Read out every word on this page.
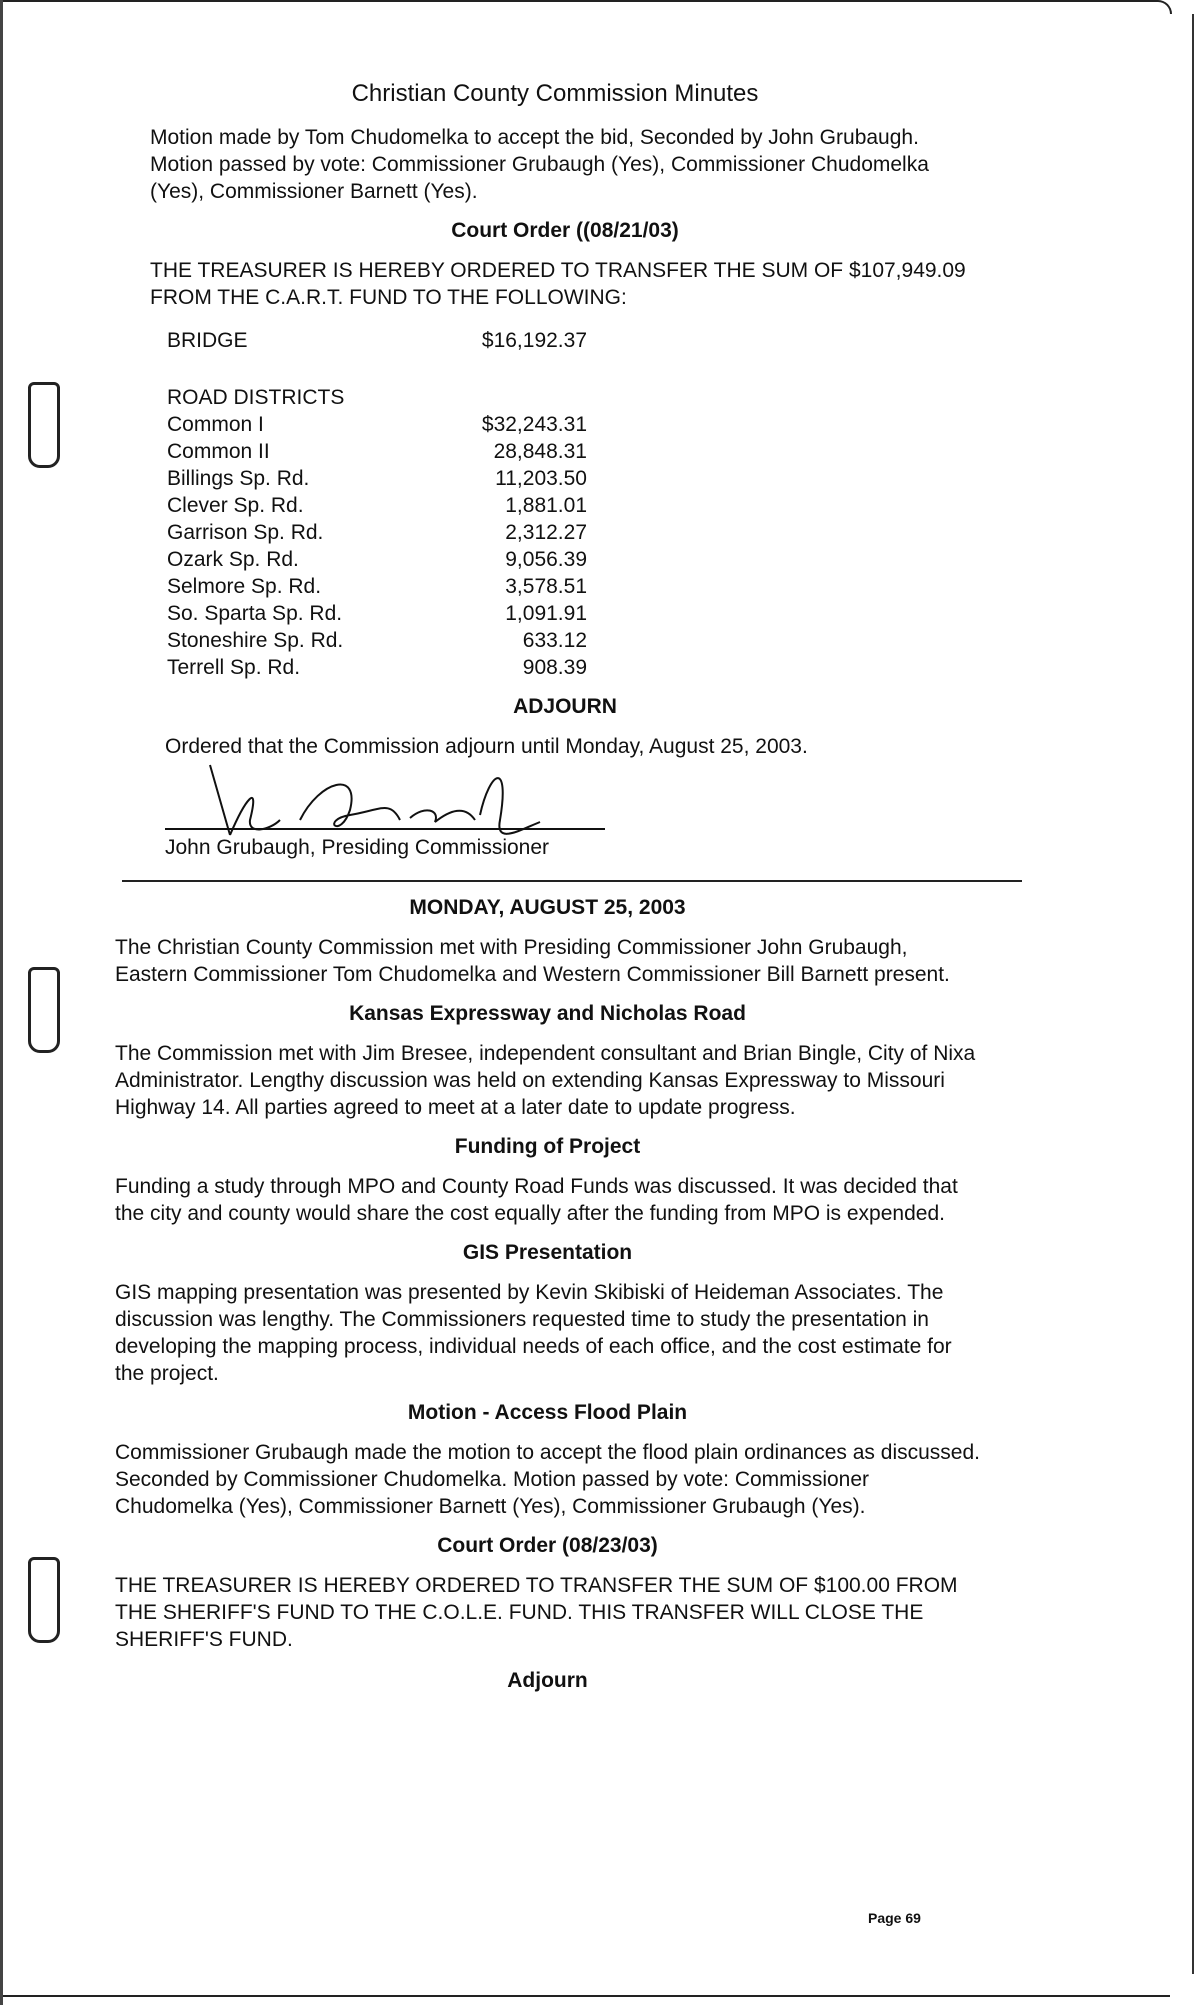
Christian County Commission Minutes

Motion made by Tom Chudomelka to accept the bid, Seconded by John Grubaugh. Motion passed by vote: Commissioner Grubaugh (Yes), Commissioner Chudomelka (Yes), Commissioner Barnett (Yes).

Court Order ((08/21/03)

THE TREASURER IS HEREBY ORDERED TO TRANSFER THE SUM OF $107,949.09 FROM THE C.A.R.T. FUND TO THE FOLLOWING:

BRIDGE	$16,192.37
ROAD DISTRICTS
Common I	$32,243.31
Common II	28,848.31
Billings Sp. Rd.	11,203.50
Clever Sp. Rd.	1,881.01
Garrison Sp. Rd.	2,312.27
Ozark Sp. Rd.	9,056.39
Selmore Sp. Rd.	3,578.51
So. Sparta Sp. Rd.	1,091.91
Stoneshire Sp. Rd.	633.12
Terrell Sp. Rd.	908.39
ADJOURN

Ordered that the Commission adjourn until Monday, August 25, 2003.

John Grubaugh, Presiding Commissioner
MONDAY, AUGUST 25, 2003

The Christian County Commission met with Presiding Commissioner John Grubaugh, Eastern Commissioner Tom Chudomelka and Western Commissioner Bill Barnett present.

Kansas Expressway and Nicholas Road

The Commission met with Jim Bresee, independent consultant and Brian Bingle, City of Nixa Administrator. Lengthy discussion was held on extending Kansas Expressway to Missouri Highway 14. All parties agreed to meet at a later date to update progress.

Funding of Project

Funding a study through MPO and County Road Funds was discussed. It was decided that the city and county would share the cost equally after the funding from MPO is expended.

GIS Presentation

GIS mapping presentation was presented by Kevin Skibiski of Heideman Associates. The discussion was lengthy. The Commissioners requested time to study the presentation in developing the mapping process, individual needs of each office, and the cost estimate for the project.

Motion - Access Flood Plain

Commissioner Grubaugh made the motion to accept the flood plain ordinances as discussed. Seconded by Commissioner Chudomelka. Motion passed by vote: Commissioner Chudomelka (Yes), Commissioner Barnett (Yes), Commissioner Grubaugh (Yes).

Court Order (08/23/03)

THE TREASURER IS HEREBY ORDERED TO TRANSFER THE SUM OF $100.00 FROM THE SHERIFF'S FUND TO THE C.O.L.E. FUND. THIS TRANSFER WILL CLOSE THE SHERIFF'S FUND.

Adjourn
Page 69
